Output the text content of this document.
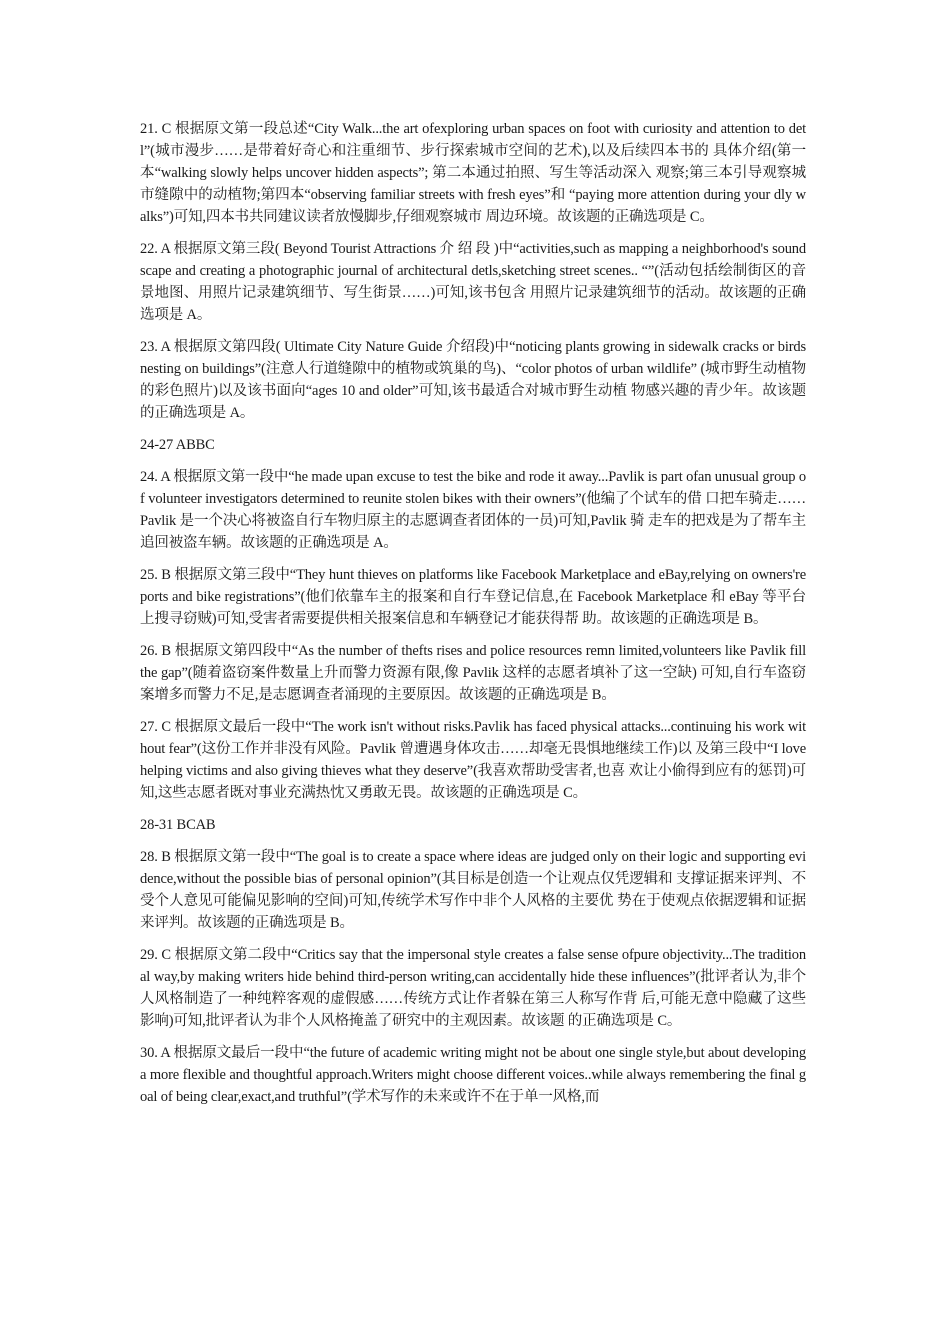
21. C 根据原文第一段总述“City Walk...the art ofexploring urban spaces on foot with curiosity and attention to detl”(城市漫步……是带着好奇心和注重细节、步行探索城市空间的艺术),以及后续四本书的 具体介绍(第一本“walking slowly helps uncover hidden aspects”; 第二本通过拍照、写生等活动深入 观察;第三本引导观察城市缝隙中的动植物;第四本“observing familiar streets with fresh eyes”和 “paying more attention during your dly walks”)可知,四本书共同建议读者放慢脚步,仔细观察城市 周边环境。故该题的正确选项是 C。

22. A 根据原文第三段( Beyond Tourist Attractions 介 绍 段 )中“activities,such as mapping a neighborhood's soundscape and creating a photographic journal of architectural detls,sketching street scenes.. “”(活动包括绘制街区的音景地图、用照片记录建筑细节、写生街景……)可知,该书包含 用照片记录建筑细节的活动。故该题的正确选项是 A。

23. A 根据原文第四段( Ultimate City Nature Guide 介绍段)中“noticing plants growing in sidewalk cracks or birds nesting on buildings”(注意人行道缝隙中的植物或筑巢的鸟)、“color photos of urban wildlife” (城市野生动植物的彩色照片)以及该书面向“ages 10 and older”可知,该书最适合对城市野生动植 物感兴趣的青少年。故该题的正确选项是 A。

24-27 ABBC

24. A 根据原文第一段中“he made upan excuse to test the bike and rode it away...Pavlik is part ofan unusual group of volunteer investigators determined to reunite stolen bikes with their owners”(他编了个试车的借 口把车骑走……Pavlik 是一个决心将被盗自行车物归原主的志愿调查者团体的一员)可知,Pavlik 骑 走车的把戏是为了帮车主追回被盗车辆。故该题的正确选项是 A。

25. B 根据原文第三段中“They hunt thieves on platforms like Facebook Marketplace and eBay,relying on owners'reports and bike registrations”(他们依靠车主的报案和自行车登记信息,在 Facebook Marketplace 和 eBay 等平台上搜寻窃贼)可知,受害者需要提供相关报案信息和车辆登记才能获得帮 助。故该题的正确选项是 B。

26. B 根据原文第四段中“As the number of thefts rises and police resources remn limited,volunteers like Pavlik fill the gap”(随着盗窃案件数量上升而警力资源有限,像 Pavlik 这样的志愿者填补了这一空缺) 可知,自行车盗窃案增多而警力不足,是志愿调查者涌现的主要原因。故该题的正确选项是 B。

27. C 根据原文最后一段中“The work isn't without risks.Pavlik has faced physical attacks...continuing his work without fear”(这份工作并非没有风险。Pavlik 曾遭遇身体攻击……却毫无畏惧地继续工作)以 及第三段中“I love helping victims and also giving thieves what they deserve”(我喜欢帮助受害者,也喜 欢让小偷得到应有的惩罚)可知,这些志愿者既对事业充满热忱又勇敢无畏。故该题的正确选项是 C。

28-31 BCAB

28. B 根据原文第一段中“The goal is to create a space where ideas are judged only on their logic and supporting evidence,without the possible bias of personal opinion”(其目标是创造一个让观点仅凭逻辑和 支撑证据来评判、不受个人意见可能偏见影响的空间)可知,传统学术写作中非个人风格的主要优 势在于使观点依据逻辑和证据来评判。故该题的正确选项是 B。

29. C 根据原文第二段中“Critics say that the impersonal style creates a false sense ofpure objectivity...The traditional way,by making writers hide behind third-person writing,can accidentally hide these influences”(批评者认为,非个人风格制造了一种纯粹客观的虚假感……传统方式让作者躲在第三人称写作背 后,可能无意中隐藏了这些影响)可知,批评者认为非个人风格掩盖了研究中的主观因素。故该题 的正确选项是 C。

30. A 根据原文最后一段中“the future of academic writing might not be about one single style,but about developing a more flexible and thoughtful approach.Writers might choose different voices..while always remembering the final goal of being clear,exact,and truthful”(学术写作的未来或许不在于单一风格,而
